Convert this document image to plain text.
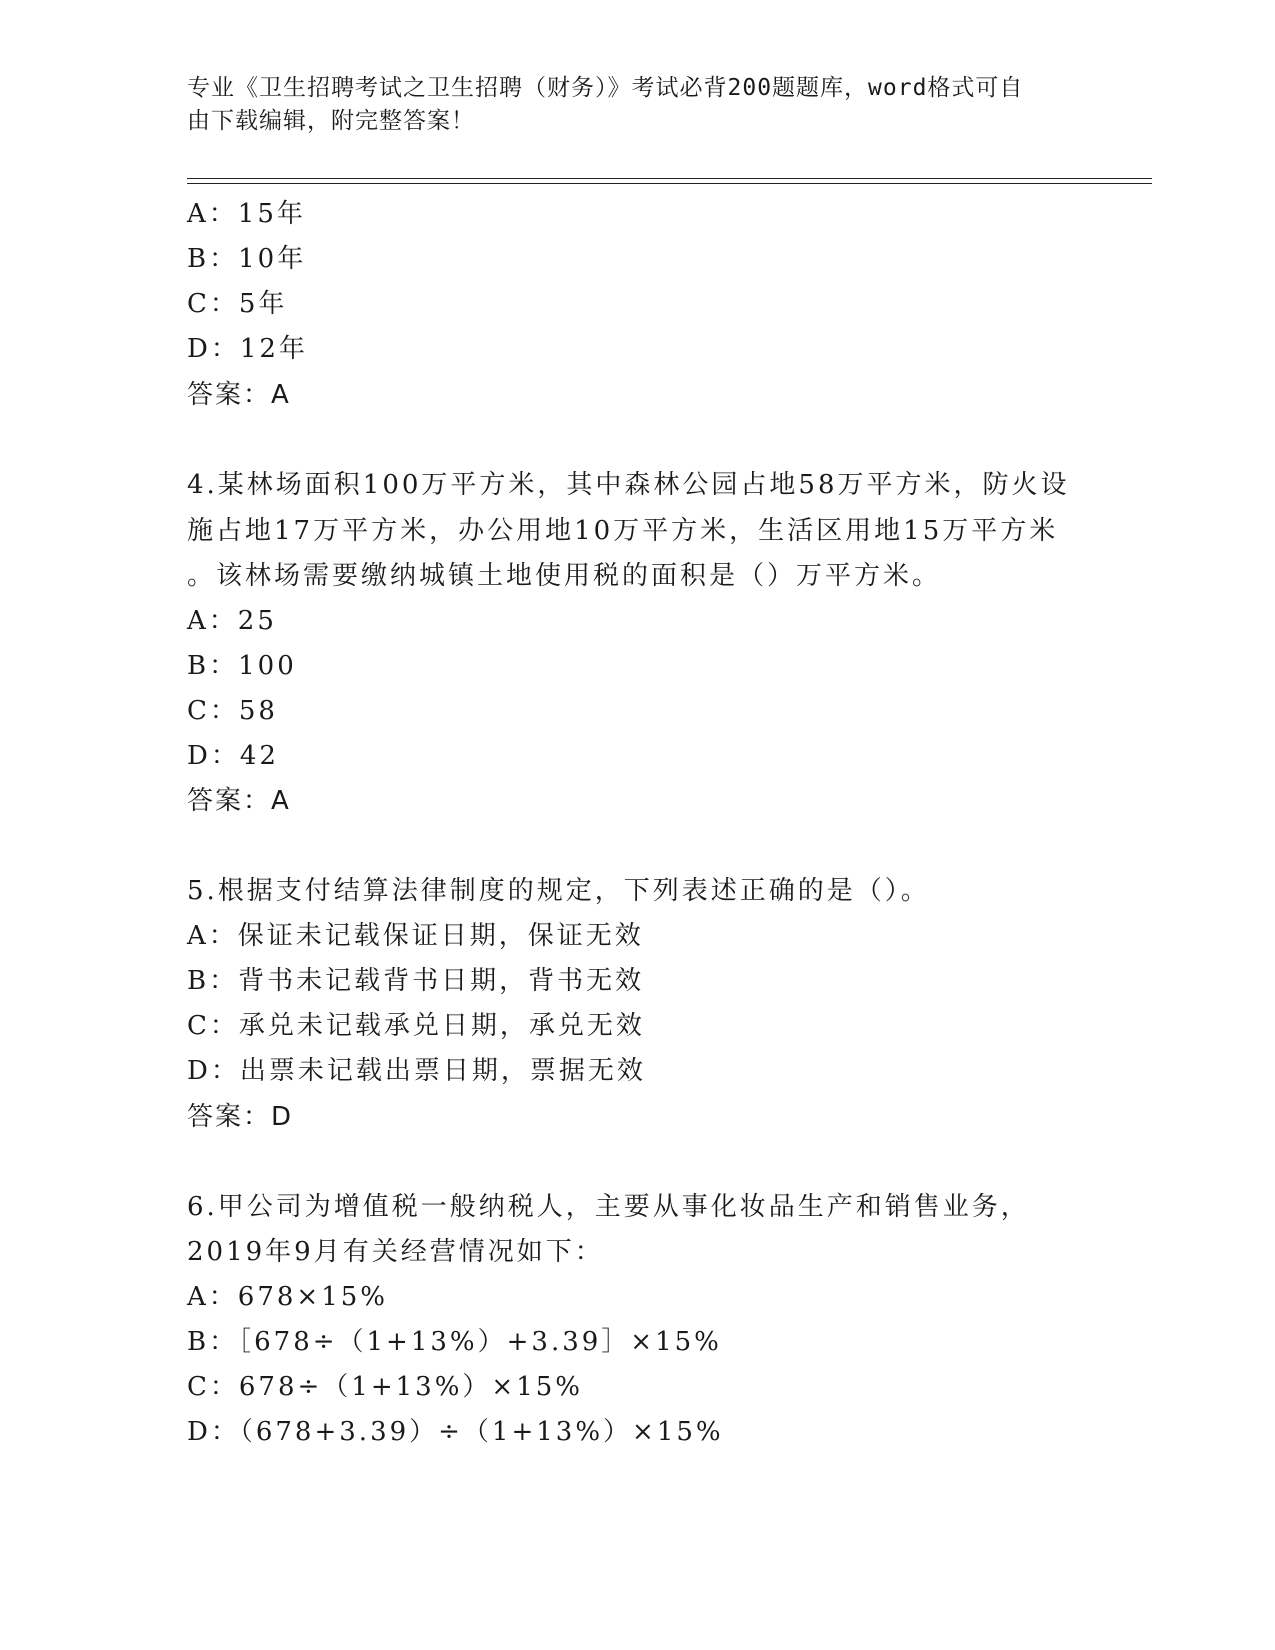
专业《卫生招聘考试之卫生招聘（财务）》考试必背200题题库，word格式可自
由下载编辑，附完整答案！
A：15年
B：10年
C：5年
D：12年
答案：A
4.某林场面积100万平方米，其中森林公园占地58万平方米，防火设
施占地17万平方米，办公用地10万平方米，生活区用地15万平方米
。该林场需要缴纳城镇土地使用税的面积是（）万平方米。
A：25
B：100
C：58
D：42
答案：A
5.根据支付结算法律制度的规定，下列表述正确的是（）。
A：保证未记载保证日期，保证无效
B：背书未记载背书日期，背书无效
C：承兑未记载承兑日期，承兑无效
D：出票未记载出票日期，票据无效
答案：D
6.甲公司为增值税一般纳税人，主要从事化妆品生产和销售业务，
2019年9月有关经营情况如下：
A：678×15%
B：［678÷（1+13%）+3.39］×15%
C：678÷（1+13%）×15%
D：（678+3.39）÷（1+13%）×15%
